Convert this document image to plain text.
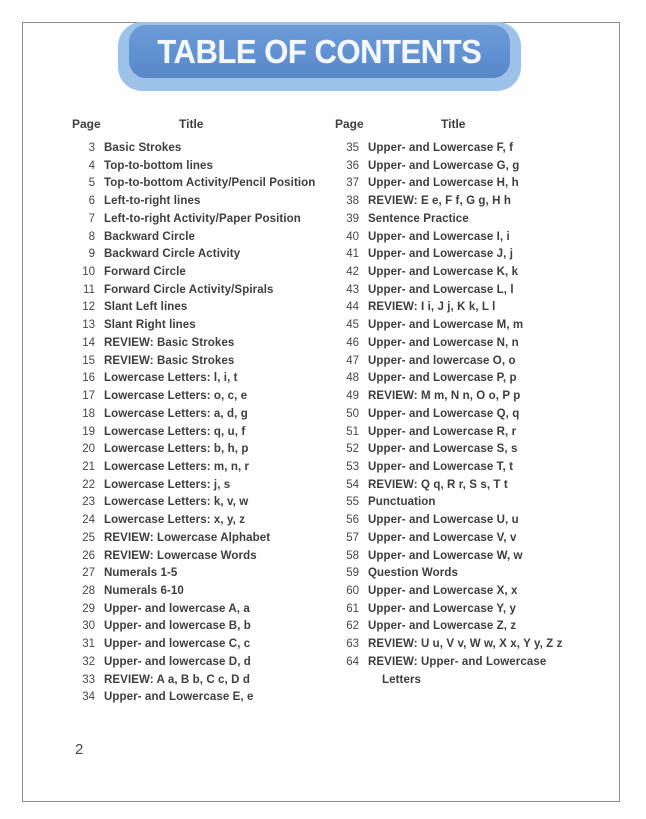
TABLE OF CONTENTS
Page	Title	Page	Title
3 Basic Strokes
4 Top-to-bottom lines
5 Top-to-bottom Activity/Pencil Position
6 Left-to-right lines
7 Left-to-right Activity/Paper Position
8 Backward Circle
9 Backward Circle Activity
10 Forward Circle
11 Forward Circle Activity/Spirals
12 Slant Left lines
13 Slant Right lines
14 REVIEW: Basic Strokes
15 REVIEW: Basic Strokes
16 Lowercase Letters: l, i, t
17 Lowercase Letters: o, c, e
18 Lowercase Letters: a, d, g
19 Lowercase Letters: q, u, f
20 Lowercase Letters: b, h, p
21 Lowercase Letters: m, n, r
22 Lowercase Letters: j, s
23 Lowercase Letters: k, v, w
24 Lowercase Letters: x, y, z
25 REVIEW: Lowercase Alphabet
26 REVIEW: Lowercase Words
27 Numerals 1-5
28 Numerals 6-10
29 Upper- and lowercase A, a
30 Upper- and lowercase B, b
31 Upper- and lowercase C, c
32 Upper- and lowercase D, d
33 REVIEW: A a, B b, C c, D d
34 Upper- and Lowercase E, e
35 Upper- and Lowercase F, f
36 Upper- and Lowercase G, g
37 Upper- and Lowercase H, h
38 REVIEW: E e, F f, G g, H h
39 Sentence Practice
40 Upper- and Lowercase I, i
41 Upper- and Lowercase J, j
42 Upper- and Lowercase K, k
43 Upper- and Lowercase L, l
44 REVIEW: I i, J j, K k, L l
45 Upper- and Lowercase M, m
46 Upper- and Lowercase N, n
47 Upper- and lowercase O, o
48 Upper- and Lowercase P, p
49 REVIEW: M m, N n, O o, P p
50 Upper- and Lowercase Q, q
51 Upper- and Lowercase R, r
52 Upper- and Lowercase S, s
53 Upper- and Lowercase T, t
54 REVIEW: Q q, R r, S s, T t
55 Punctuation
56 Upper- and Lowercase U, u
57 Upper- and Lowercase V, v
58 Upper- and Lowercase W, w
59 Question Words
60 Upper- and Lowercase X, x
61 Upper- and Lowercase Y, y
62 Upper- and Lowercase Z, z
63 REVIEW: U u, V v, W w, X x, Y y, Z z
64 REVIEW: Upper- and Lowercase
Letters
2
